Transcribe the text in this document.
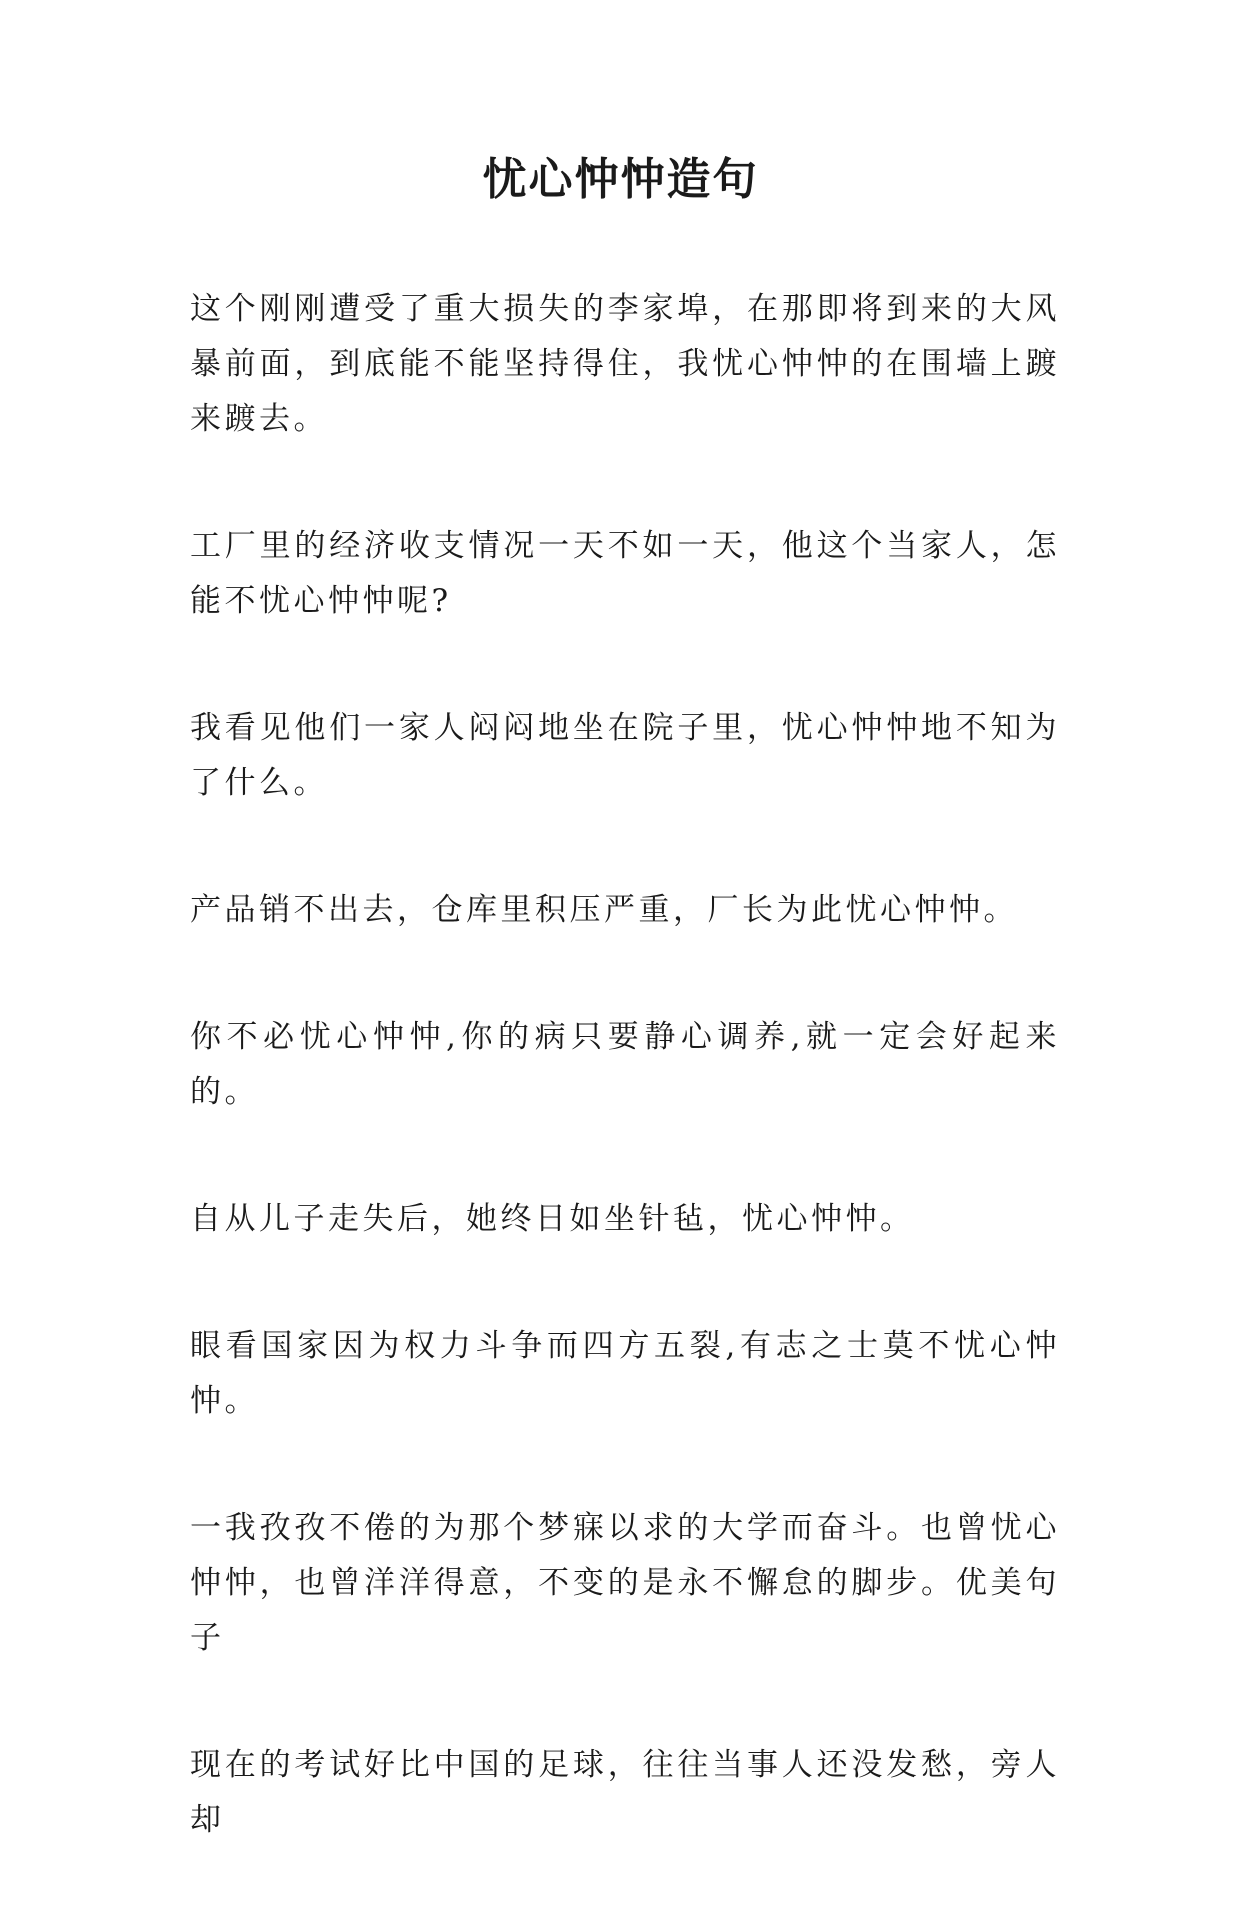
忧心忡忡造句

这个刚刚遭受了重大损失的李家埠，在那即将到来的大风暴前面，到底能不能坚持得住，我忧心忡忡的在围墙上踱来踱去。

工厂里的经济收支情况一天不如一天，他这个当家人，怎能不忧心忡忡呢?

我看见他们一家人闷闷地坐在院子里，忧心忡忡地不知为了什么。

产品销不出去，仓库里积压严重，厂长为此忧心忡忡。

你不必忧心忡忡,你的病只要静心调养,就一定会好起来的。

自从儿子走失后，她终日如坐针毡，忧心忡忡。

眼看国家因为权力斗争而四方五裂,有志之士莫不忧心忡忡。

一我孜孜不倦的为那个梦寐以求的大学而奋斗。也曾忧心忡忡，也曾洋洋得意，不变的是永不懈怠的脚步。优美句子

现在的考试好比中国的足球，往往当事人还没发愁，旁人却
